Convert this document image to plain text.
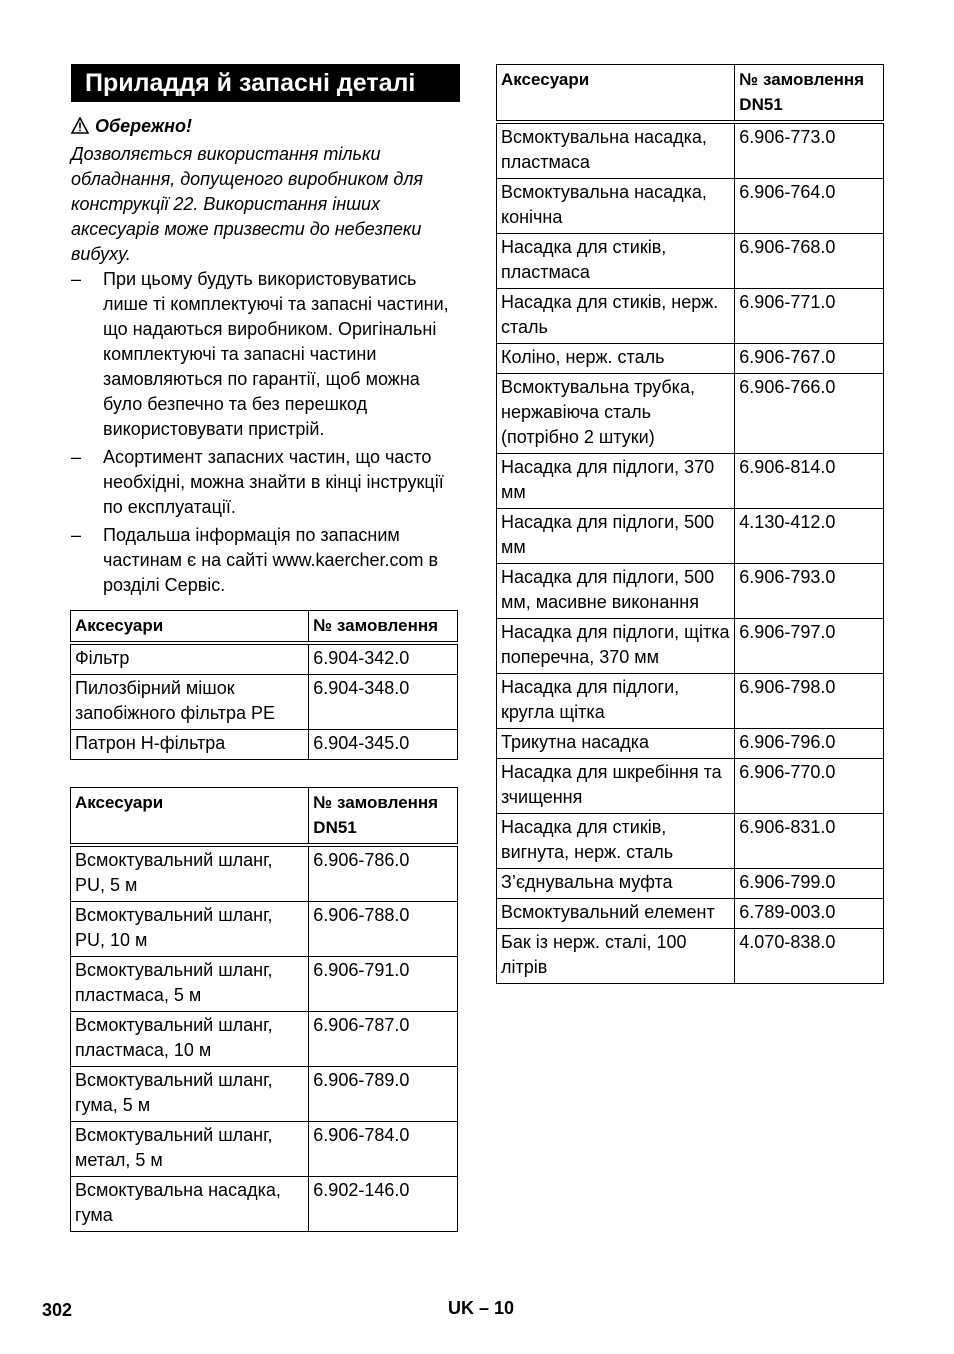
Приладдя й запасні деталі
Обережно!

Дозволяється використання тільки обладнання, допущеного виробником для конструкції 22. Використання інших аксесуарів може призвести до небезпеки вибуху.

– При цьому будуть використовуватись лише ті комплектуючі та запасні частини, що надаються виробником. Оригінальні комплектуючі та запасні частини замовляються по гарантії, щоб можна було безпечно та без перешкод використовувати пристрій.
– Асортимент запасних частин, що часто необхідні, можна знайти в кінці інструкції по експлуатації.
– Подальша інформація по запасним частинам є на сайті www.kaercher.com в розділі Сервіс.
Аксесуари	№ замовлення
Фільтр	6.904-342.0
Пилозбірний мішок запобіжного фільтра PE	6.904-348.0
Патрон H-фільтра	6.904-345.0
Аксесуари	№ замовлення DN51
Всмоктувальний шланг, PU, 5 м	6.906-786.0
Всмоктувальний шланг, PU, 10 м	6.906-788.0
Всмоктувальний шланг, пластмаса, 5 м	6.906-791.0
Всмоктувальний шланг, пластмаса, 10 м	6.906-787.0
Всмоктувальний шланг, гума, 5 м	6.906-789.0
Всмоктувальний шланг, метал, 5 м	6.906-784.0
Всмоктувальна насадка, гума	6.902-146.0
Аксесуари	№ замовлення DN51
Всмоктувальна насадка, пластмаса	6.906-773.0
Всмоктувальна насадка, конічна	6.906-764.0
Насадка для стиків, пластмаса	6.906-768.0
Насадка для стиків, нерж. сталь	6.906-771.0
Коліно, нерж. сталь	6.906-767.0
Всмоктувальна трубка, нержавіюча сталь (потрібно 2 штуки)	6.906-766.0
Насадка для підлоги, 370 мм	6.906-814.0
Насадка для підлоги, 500 мм	4.130-412.0
Насадка для підлоги, 500 мм, масивне виконання	6.906-793.0
Насадка для підлоги, щітка поперечна, 370 мм	6.906-797.0
Насадка для підлоги, кругла щітка	6.906-798.0
Трикутна насадка	6.906-796.0
Насадка для шкребіння та зчищення	6.906-770.0
Насадка для стиків, вигнута, нерж. сталь	6.906-831.0
З’єднувальна муфта	6.906-799.0
Всмоктувальний елемент	6.789-003.0
Бак із нерж. сталі, 100 літрів	4.070-838.0
302	UK – 10
